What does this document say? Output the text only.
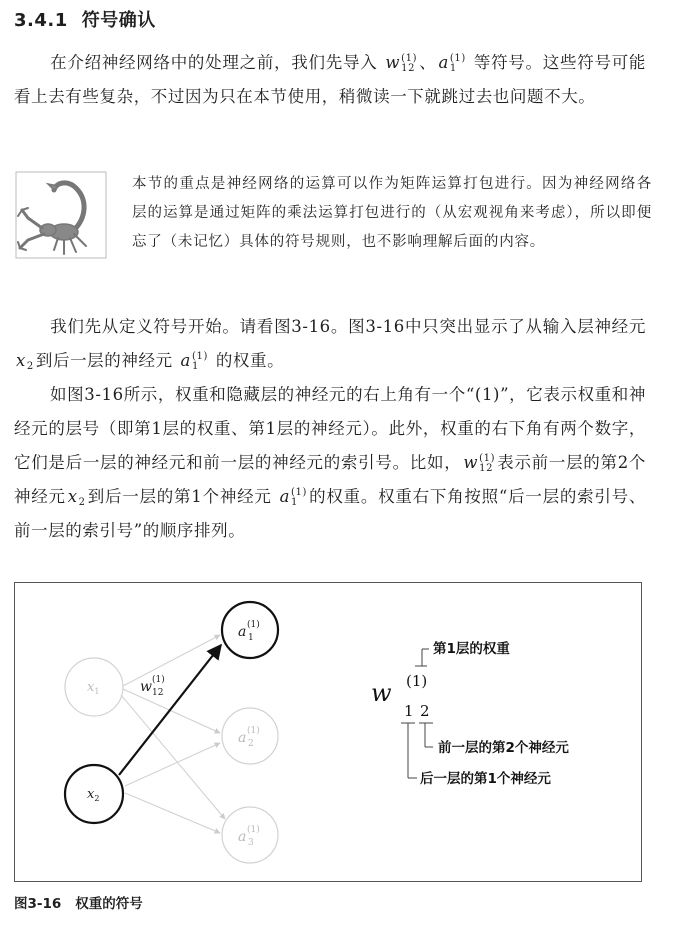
3.4.1 符号确认

在介绍神经网络中的处理之前，我们先导入 w (1)
12 、 a (1)
1	等符号。这些符号可能看上去有些复杂，不过因为只在本节使用，稍微读一下就跳过去也问题不大。

本节的重点是神经网络的运算可以作为矩阵运算打包进行。因为神经网络各层的运算是通过矩阵的乘法运算打包进行的（从宏观视角来考虑），所以即便忘了（未记忆）具体的符号规则，也不影响理解后面的内容。

我们先从定义符号开始。请看图3-16。图3-16中只突出显示了从输入层神经元x
2 到后一层的神经元 a (1)
1	的权重。

如图3-16所示，权重和隐藏层的神经元的右上角有一个“(1)”，它表示权重和神经元的层号（即第1层的权重、第1层的神经元）。此外，权重的右下角有两个数字，它们是后一层的神经元和前一层的神经元的索引号。比如， w (1)
12 表示前一层的第2个神经元 x
2 到后一层的第1个神经元 a (1)
1 的权重。权重右下角按照“后一层的索引号、前一层的索引号”的顺序排列。

$x_1$
$x_2$
a (1)
1
a (1)
2
a (1)
3
w (1)
12	w (1)
1 2
第1层的权重
前一层的第2个神经元
后一层的第1个神经元
图3-16 权重的符号
